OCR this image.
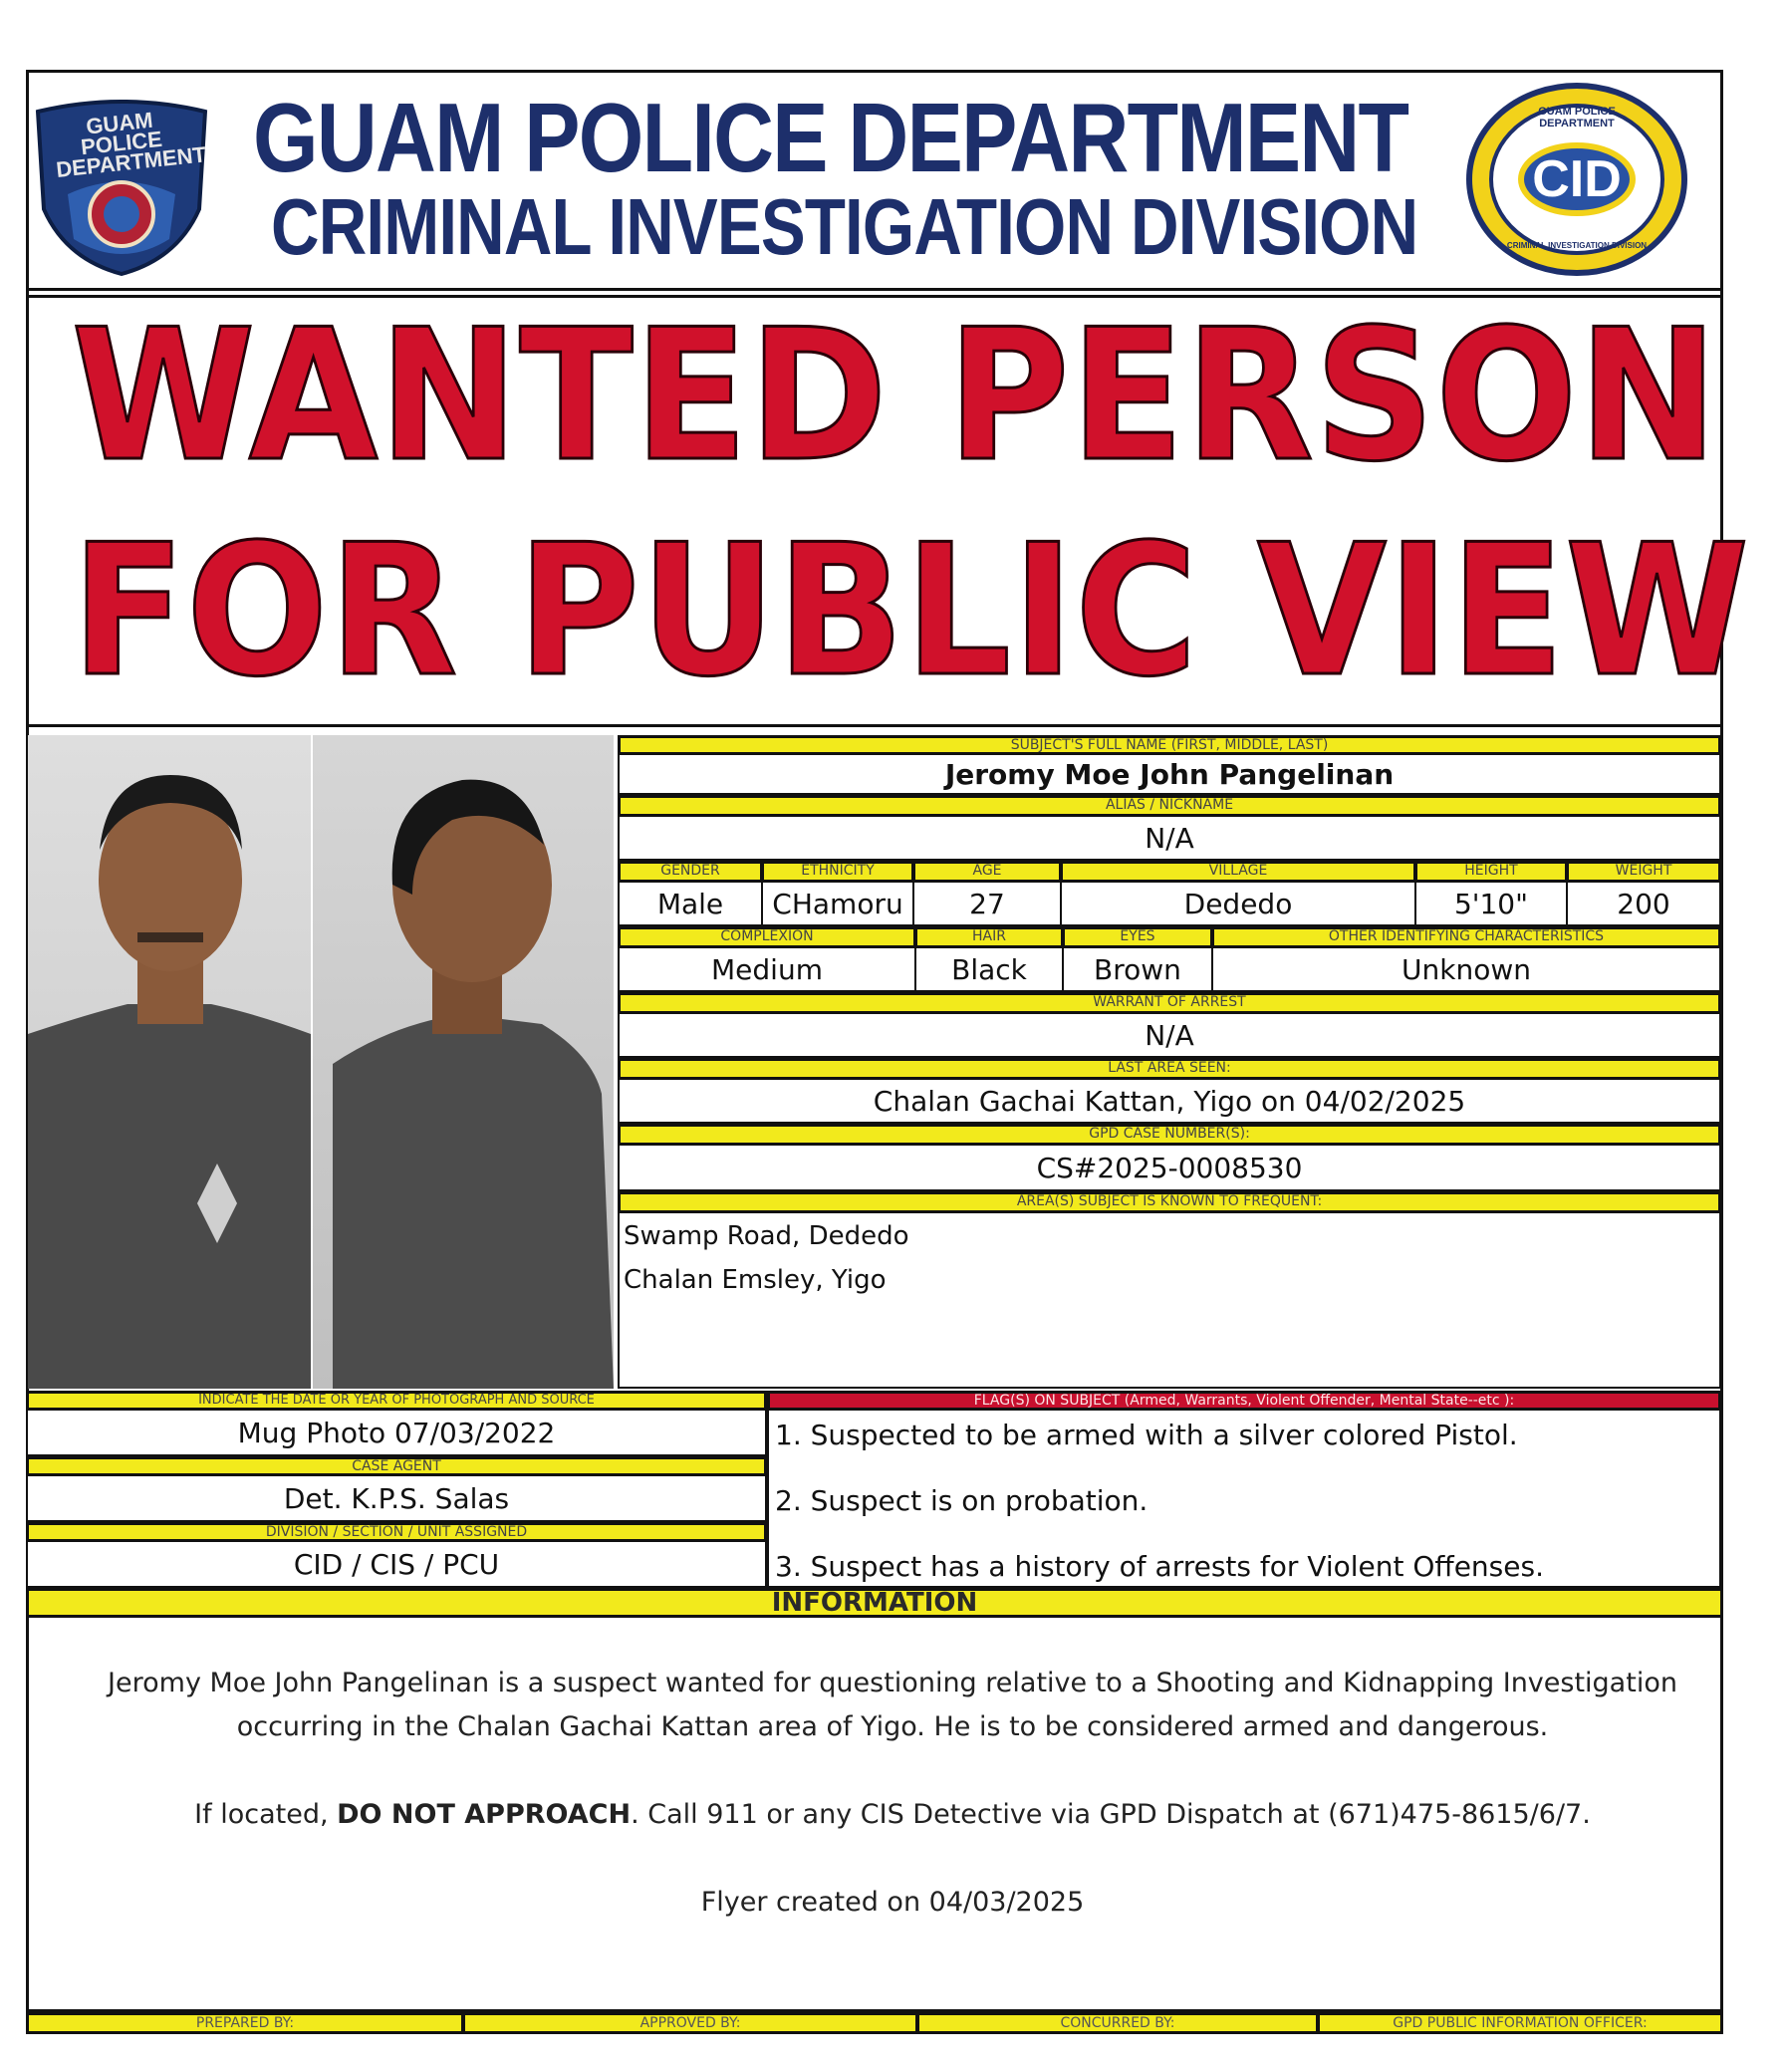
GUAM POLICE DEPARTMENT GUAM POLICE DEPARTMENT
CRIMINAL INVESTIGATION DIVISION
CID
GUAM POLICE DEPARTMENT
CRIMINAL INVESTIGATION DIVISION
WANTED PERSON
FOR PUBLIC VIEW
SUBJECT'S FULL NAME (FIRST, MIDDLE, LAST)
Jeromy Moe John Pangelinan
ALIAS / NICKNAME
N/A
GENDER	ETHNICITY	AGE	VILLAGE	HEIGHT	WEIGHT
Male	CHamoru	27	Dededo	5'10"	200
COMPLEXION	HAIR	EYES	OTHER IDENTIFYING CHARACTERISTICS
Medium	Black	Brown	Unknown
WARRANT OF ARREST
N/A
LAST AREA SEEN:
Chalan Gachai Kattan, Yigo on 04/02/2025
GPD CASE NUMBER(S):
CS#2025-0008530
AREA(S) SUBJECT IS KNOWN TO FREQUENT:
Swamp Road, Dededo
Chalan Emsley, Yigo
INDICATE THE DATE OR YEAR OF PHOTOGRAPH AND SOURCE
Mug Photo 07/03/2022
CASE AGENT
Det. K.P.S. Salas
DIVISION / SECTION / UNIT ASSIGNED
CID / CIS / PCU
FLAG(S) ON SUBJECT (Armed, Warrants, Violent Offender, Mental State--etc ):
1. Suspected to be armed with a silver colored Pistol.
2. Suspect is on probation.
3. Suspect has a history of arrests for Violent Offenses.
INFORMATION
Jeromy Moe John Pangelinan is a suspect wanted for questioning relative to a Shooting and Kidnapping Investigation
occurring in the Chalan Gachai Kattan area of Yigo. He is to be considered armed and dangerous.
If located, DO NOT APPROACH. Call 911 or any CIS Detective via GPD Dispatch at (671)475-8615/6/7.
Flyer created on 04/03/2025
PREPARED BY:	APPROVED BY:	CONCURRED BY:	GPD PUBLIC INFORMATION OFFICER:
